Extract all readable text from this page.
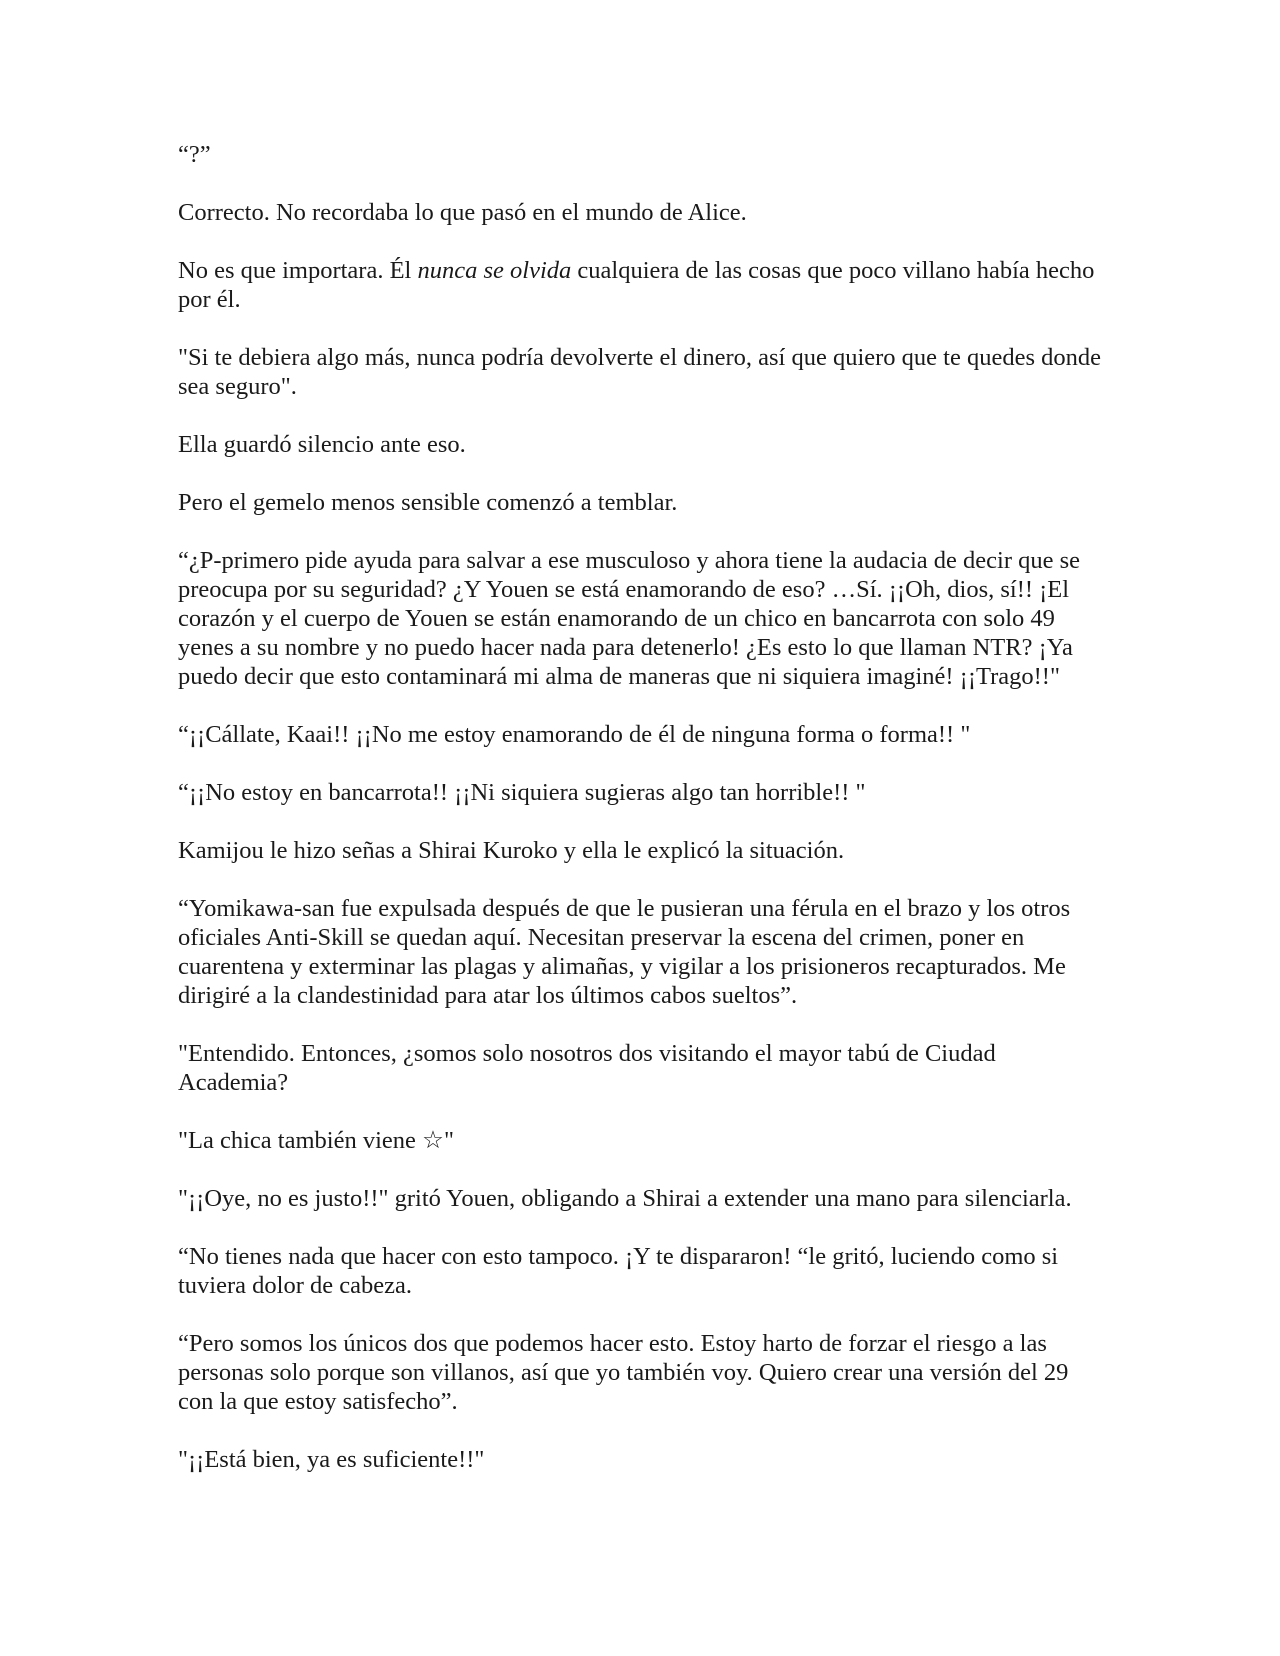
“?”

Correcto. No recordaba lo que pasó en el mundo de Alice.

No es que importara. Él nunca se olvida cualquiera de las cosas que poco villano había hecho por él.

"Si te debiera algo más, nunca podría devolverte el dinero, así que quiero que te quedes donde sea seguro".

Ella guardó silencio ante eso.

Pero el gemelo menos sensible comenzó a temblar.

“¿P-primero pide ayuda para salvar a ese musculoso y ahora tiene la audacia de decir que se preocupa por su seguridad? ¿Y Youen se está enamorando de eso? …Sí. ¡¡Oh, dios, sí!! ¡El corazón y el cuerpo de Youen se están enamorando de un chico en bancarrota con solo 49 yenes a su nombre y no puedo hacer nada para detenerlo! ¿Es esto lo que llaman NTR? ¡Ya puedo decir que esto contaminará mi alma de maneras que ni siquiera imaginé! ¡¡Trago!!"

“¡¡Cállate, Kaai!! ¡¡No me estoy enamorando de él de ninguna forma o forma!! "

“¡¡No estoy en bancarrota!! ¡¡Ni siquiera sugieras algo tan horrible!! "

Kamijou le hizo señas a Shirai Kuroko y ella le explicó la situación.

“Yomikawa-san fue expulsada después de que le pusieran una férula en el brazo y los otros oficiales Anti-Skill se quedan aquí. Necesitan preservar la escena del crimen, poner en cuarentena y exterminar las plagas y alimañas, y vigilar a los prisioneros recapturados. Me dirigiré a la clandestinidad para atar los últimos cabos sueltos”.

"Entendido. Entonces, ¿somos solo nosotros dos visitando el mayor tabú de Ciudad Academia?

"La chica también viene ☆"

"¡¡Oye, no es justo!!" gritó Youen, obligando a Shirai a extender una mano para silenciarla.

“No tienes nada que hacer con esto tampoco. ¡Y te dispararon! “le gritó, luciendo como si tuviera dolor de cabeza.

“Pero somos los únicos dos que podemos hacer esto. Estoy harto de forzar el riesgo a las personas solo porque son villanos, así que yo también voy. Quiero crear una versión del 29 con la que estoy satisfecho”.

"¡¡Está bien, ya es suficiente!!"
